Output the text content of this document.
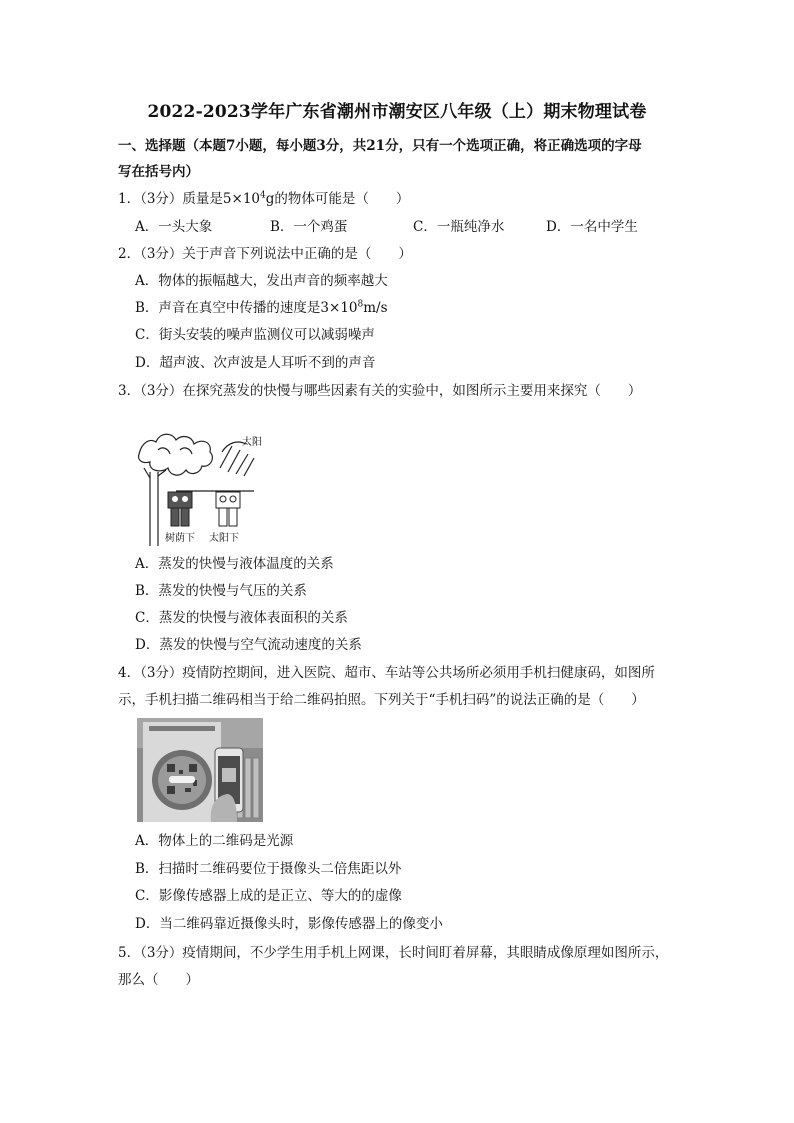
2022-2023学年广东省潮州市潮安区八年级（上）期末物理试卷
一、选择题（本题7小题，每小题3分，共21分，只有一个选项正确，将正确选项的字母
写在括号内）
1．（3分）质量是$5\times 10^4g$的物体可能是（　　）
A．一头大象	B．一个鸡蛋	C．一瓶纯净水	D．一名中学生
2．（3分）关于声音下列说法中正确的是（　　）
A．物体的振幅越大，发出声音的频率越大
B．声音在真空中传播的速度是$3\times 10^8m/s$
C．街头安装的噪声监测仪可以减弱噪声
D．超声波、次声波是人耳听不到的声音
3．（3分）在探究蒸发的快慢与哪些因素有关的实验中，如图所示主要用来探究（　　）
太阳
树荫下 太阳下
A．蒸发的快慢与液体温度的关系
B．蒸发的快慢与气压的关系
C．蒸发的快慢与液体表面积的关系
D．蒸发的快慢与空气流动速度的关系
4．（3分）疫情防控期间，进入医院、超市、车站等公共场所必须用手机扫健康码，如图所
示，手机扫描二维码相当于给二维码拍照。下列关于“手机扫码”的说法正确的是（　　）
A．物体上的二维码是光源
B．扫描时二维码要位于摄像头二倍焦距以外
C．影像传感器上成的是正立、等大的的虚像
D．当二维码靠近摄像头时，影像传感器上的像变小
5．（3分）疫情期间，不少学生用手机上网课，长时间盯着屏幕，其眼睛成像原理如图所示，
那么（　　）
